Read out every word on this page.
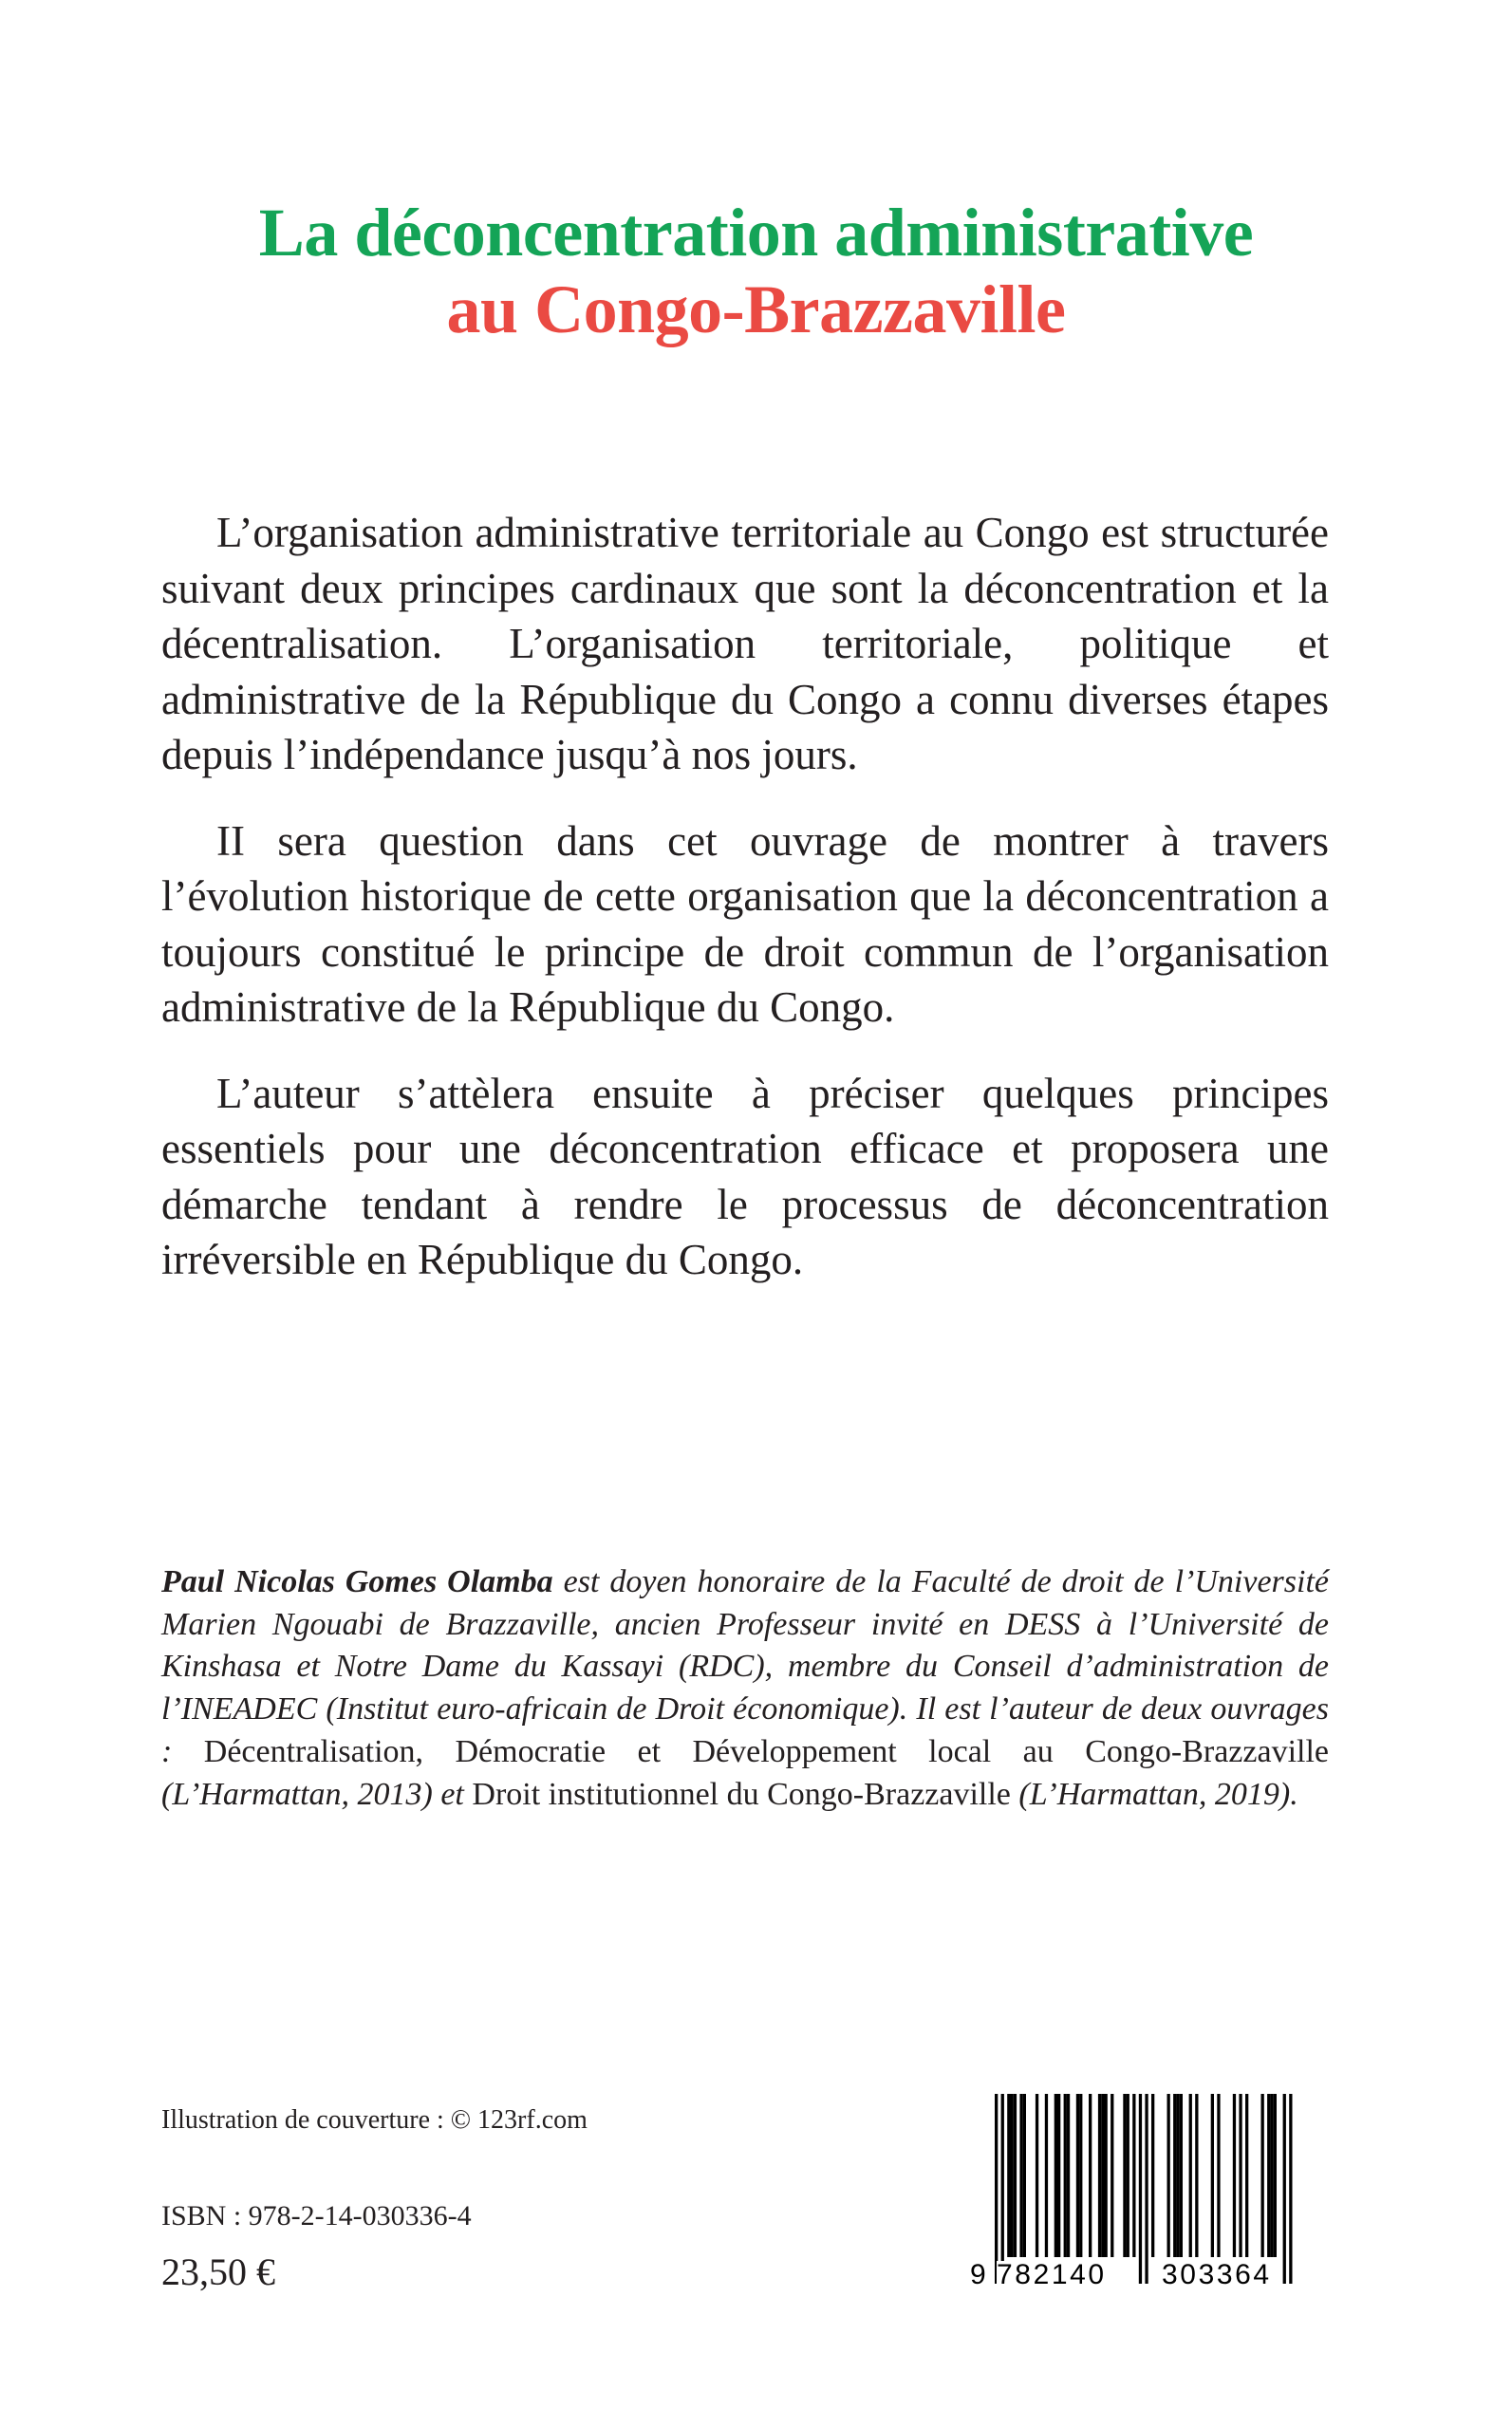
La déconcentration administrative
au Congo-Brazzaville

L’organisation administrative territoriale au Congo est structurée suivant deux principes cardinaux que sont la déconcentration et la décentralisation. L’organisation territoriale, politique et administrative de la République du Congo a connu diverses étapes depuis l’indépendance jusqu’à nos jours.

II sera question dans cet ouvrage de montrer à travers l’évolution historique de cette organisation que la déconcentration a toujours constitué le principe de droit commun de l’organisation administrative de la République du Congo.

L’auteur s’attèlera ensuite à préciser quelques principes essentiels pour une déconcentration efficace et proposera une démarche tendant à rendre le processus de déconcentration irréversible en République du Congo.

Paul Nicolas Gomes Olamba est doyen honoraire de la Faculté de droit de l’Université Marien Ngouabi de Brazzaville, ancien Professeur invité en DESS à l’Université de Kinshasa et Notre Dame du Kassayi (RDC), membre du Conseil d’administration de l’INEADEC (Institut euro-africain de Droit économique). Il est l’auteur de deux ouvrages : Décentralisation, Démocratie et Développement local au Congo-Brazzaville (L’Harmattan, 2013) et Droit institutionnel du Congo-Brazzaville (L’Harmattan, 2019).
Illustration de couverture : © 123rf.com
ISBN : 978-2-14-030336-4
23,50 €	9 782140 303364
